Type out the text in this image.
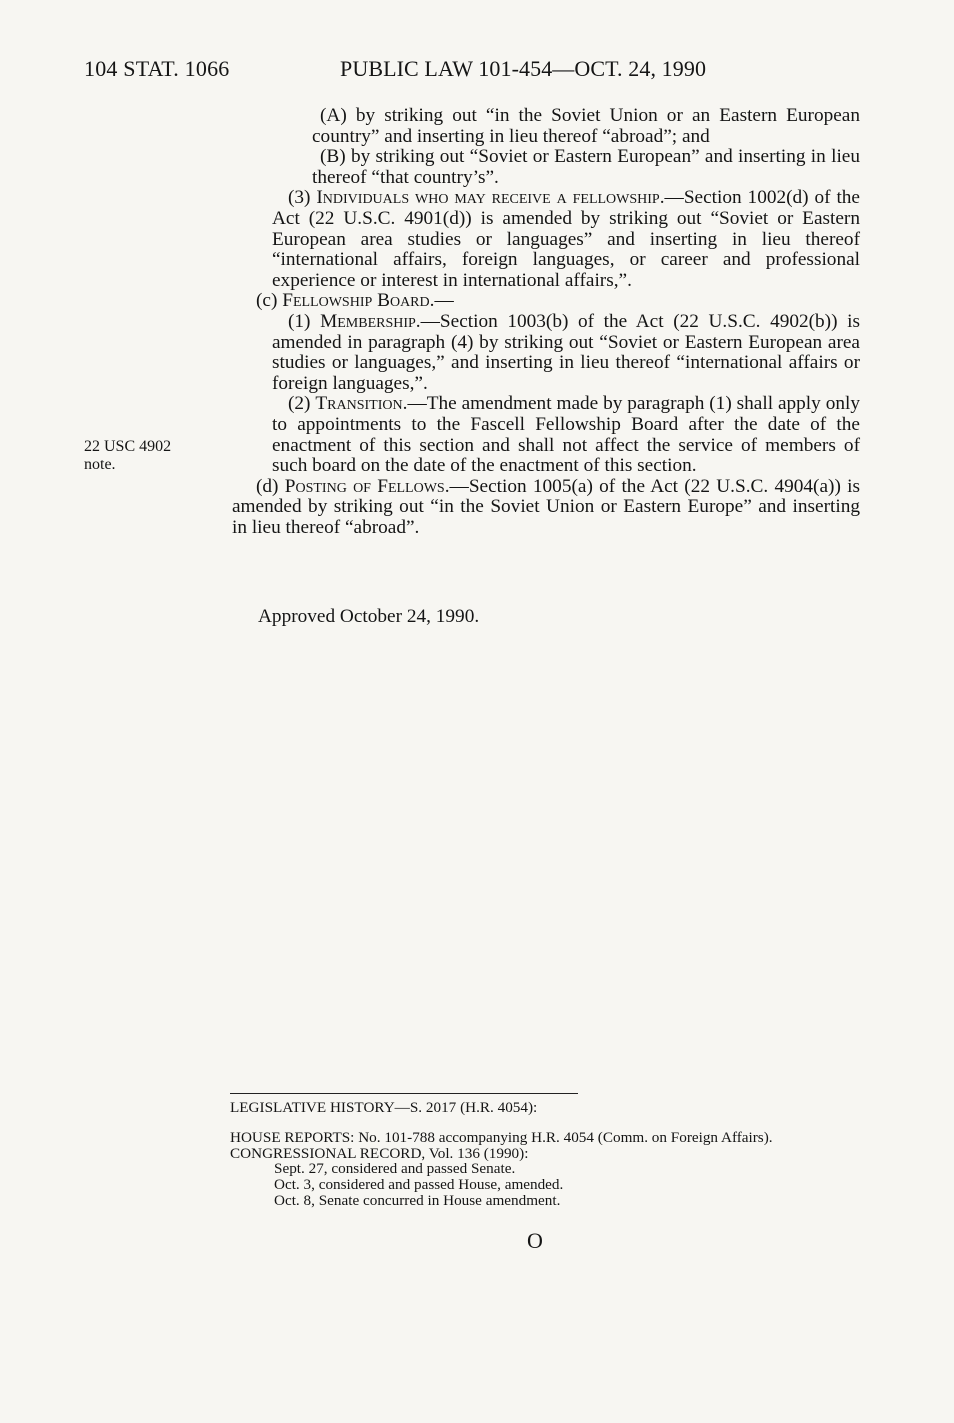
104 STAT. 1066	PUBLIC LAW 101-454—OCT. 24, 1990
22 USC 4902
note.

(A) by striking out “in the Soviet Union or an Eastern European country” and inserting in lieu thereof “abroad”; and

(B) by striking out “Soviet or Eastern European” and inserting in lieu thereof “that country’s”.

(3) Individuals who may receive a fellowship.—Section 1002(d) of the Act (22 U.S.C. 4901(d)) is amended by striking out “Soviet or Eastern European area studies or languages” and inserting in lieu thereof “international affairs, foreign languages, or career and professional experience or interest in international affairs,”.

(c) Fellowship Board.—

(1) Membership.—Section 1003(b) of the Act (22 U.S.C. 4902(b)) is amended in paragraph (4) by striking out “Soviet or Eastern European area studies or languages,” and inserting in lieu thereof “international affairs or foreign languages,”.

(2) Transition.—The amendment made by paragraph (1) shall apply only to appointments to the Fascell Fellowship Board after the date of the enactment of this section and shall not affect the service of members of such board on the date of the enactment of this section.

(d) Posting of Fellows.—Section 1005(a) of the Act (22 U.S.C. 4904(a)) is amended by striking out “in the Soviet Union or Eastern Europe” and inserting in lieu thereof “abroad”.

Approved October 24, 1990.

LEGISLATIVE HISTORY—S. 2017 (H.R. 4054):

HOUSE REPORTS: No. 101-788 accompanying H.R. 4054 (Comm. on Foreign Affairs).

CONGRESSIONAL RECORD, Vol. 136 (1990):

Sept. 27, considered and passed Senate.

Oct. 3, considered and passed House, amended.

Oct. 8, Senate concurred in House amendment.

O
